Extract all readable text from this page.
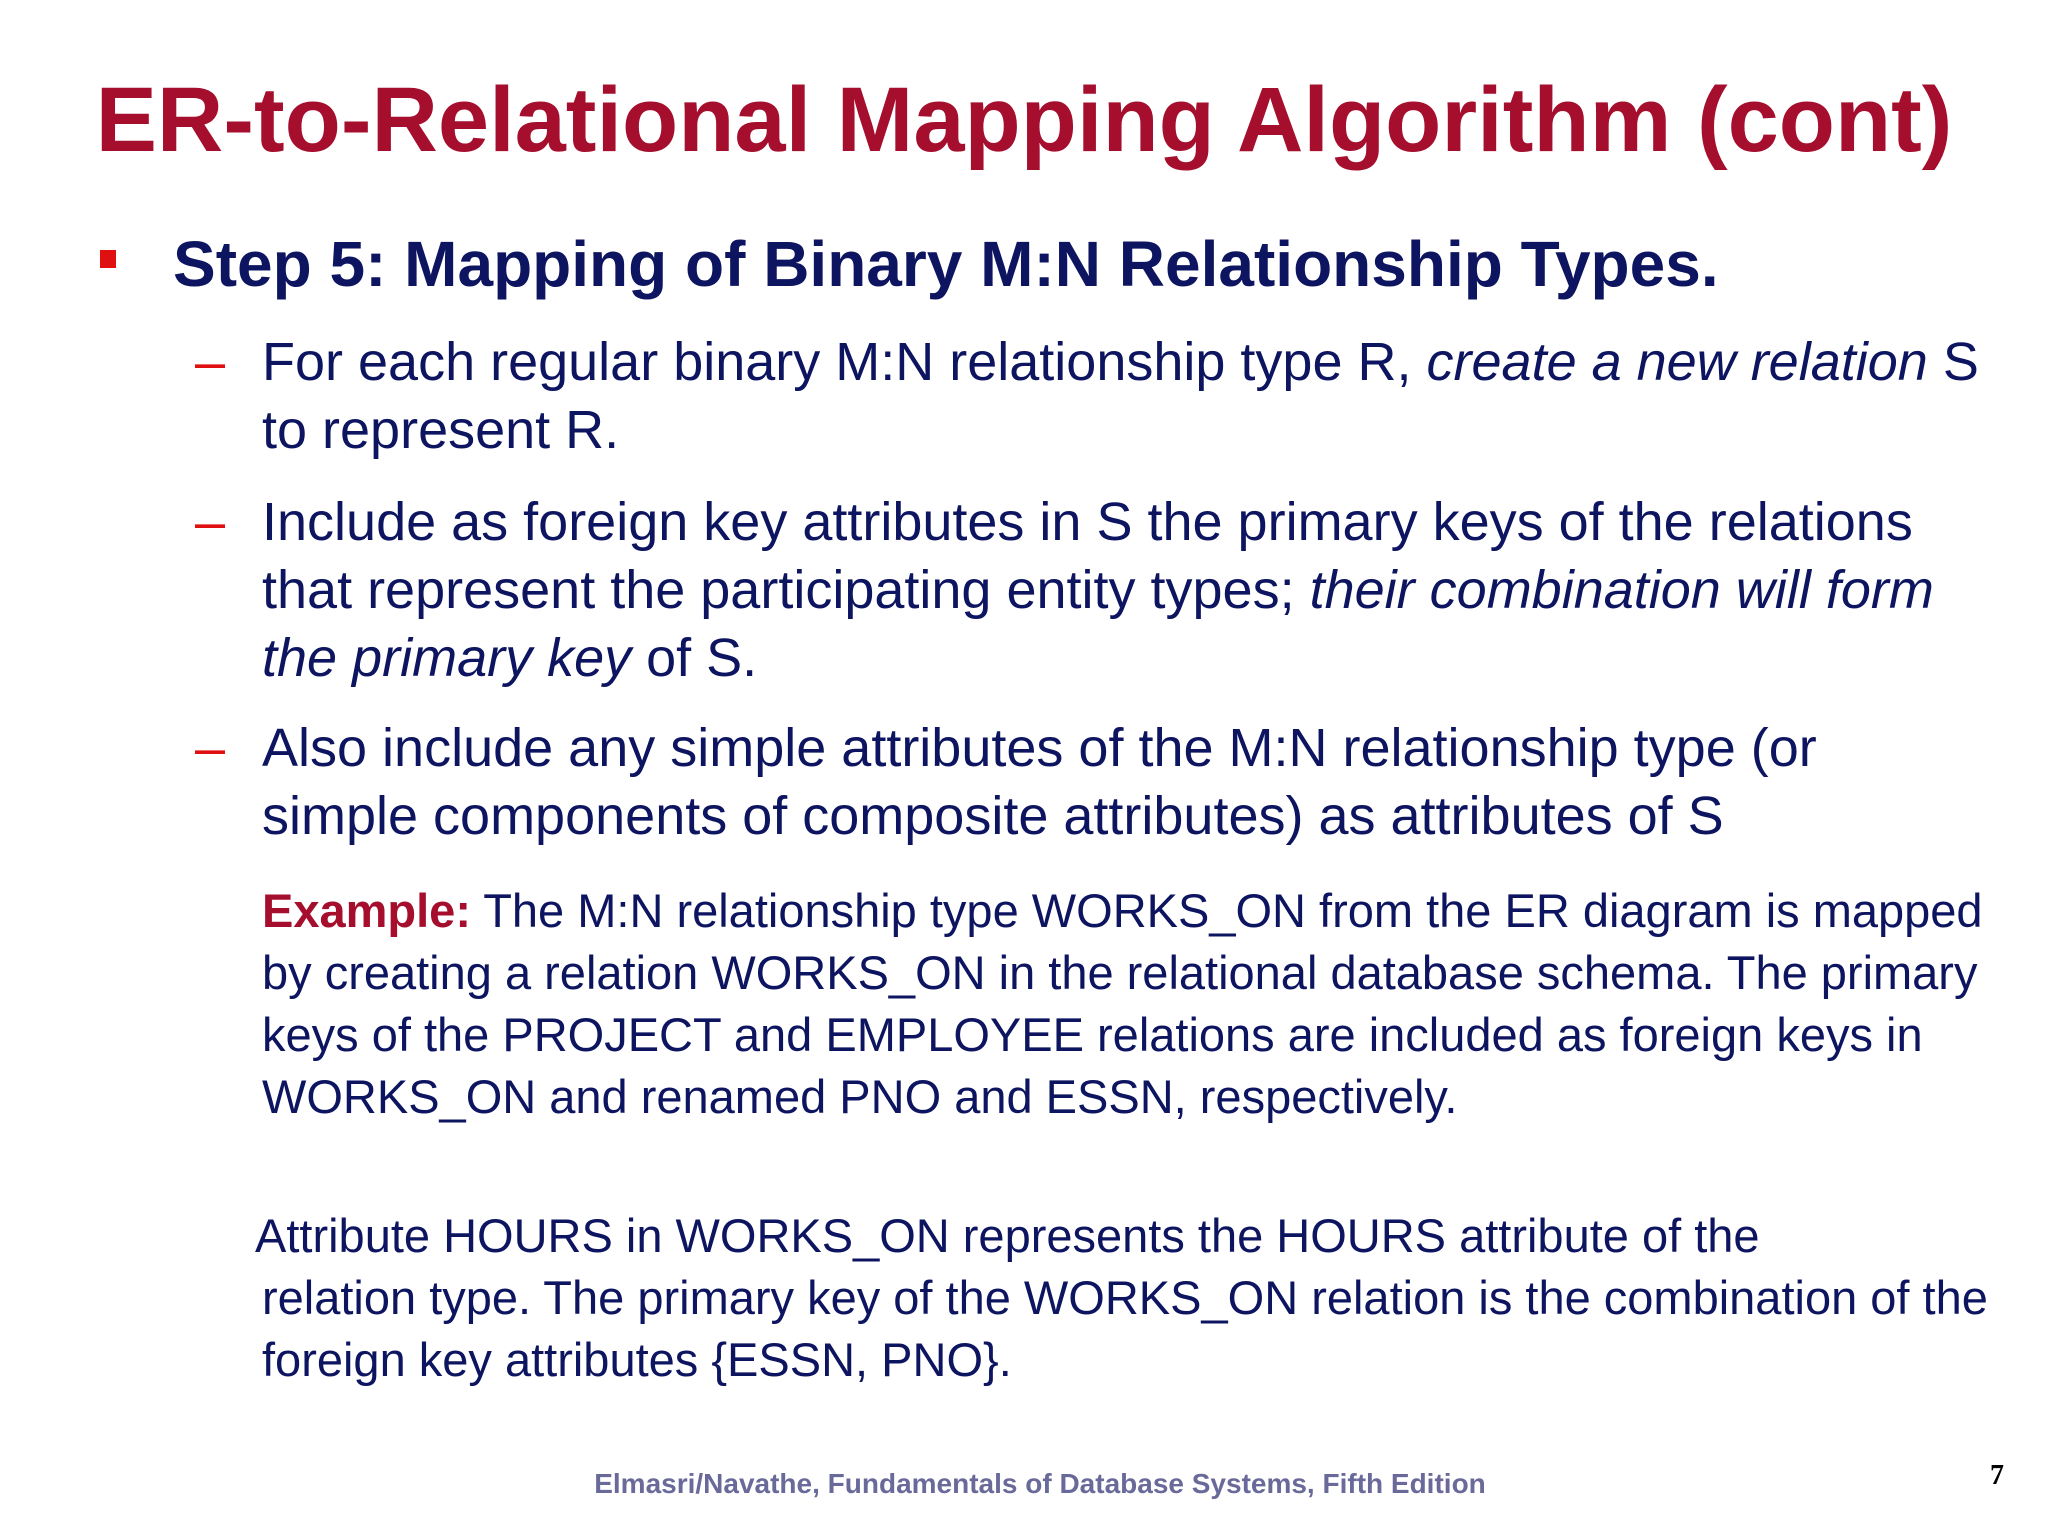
ER-to-Relational Mapping Algorithm (cont)
Step 5: Mapping of Binary M:N Relationship Types.
– For each regular binary M:N relationship type R, create a new relation S to represent R.
– Include as foreign key attributes in S the primary keys of the relations that represent the participating entity types; their combination will form the primary key of S.
– Also include any simple attributes of the M:N relationship type (or simple components of composite attributes) as attributes of S
Example: The M:N relationship type WORKS_ON from the ER diagram is mapped by creating a relation WORKS_ON in the relational database schema. The primary keys of the PROJECT and EMPLOYEE relations are included as foreign keys in WORKS_ON and renamed PNO and ESSN, respectively.
Attribute HOURS in WORKS_ON represents the HOURS attribute of the
relation type. The primary key of the WORKS_ON relation is the combination of the foreign key attributes {ESSN, PNO}.
Elmasri/Navathe, Fundamentals of Database Systems, Fifth Edition	7
